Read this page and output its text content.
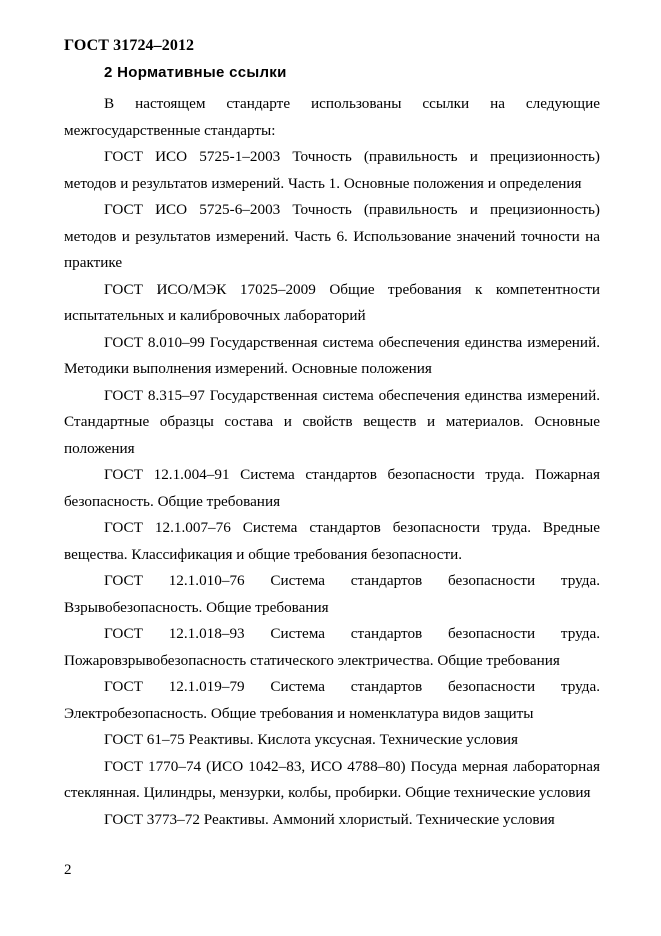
ГОСТ 31724–2012
2 Нормативные ссылки

В настоящем стандарте использованы ссылки на следующие межгосударственные стандарты:

ГОСТ ИСО 5725-1–2003 Точность (правильность и прецизионность) методов и результатов измерений. Часть 1. Основные положения и определения

ГОСТ ИСО 5725-6–2003 Точность (правильность и прецизионность) методов и результатов измерений. Часть 6. Использование значений точности на практике

ГОСТ ИСО/МЭК 17025–2009 Общие требования к компетентности испытательных и калибровочных лабораторий

ГОСТ 8.010–99 Государственная система обеспечения единства измерений. Методики выполнения измерений. Основные положения

ГОСТ 8.315–97 Государственная система обеспечения единства измерений. Стандартные образцы состава и свойств веществ и материалов. Основные положения

ГОСТ 12.1.004–91 Система стандартов безопасности труда. Пожарная безопасность. Общие требования

ГОСТ 12.1.007–76 Система стандартов безопасности труда. Вредные вещества. Классификация и общие требования безопасности.

ГОСТ 12.1.010–76 Система стандартов безопасности труда. Взрывобезопасность. Общие требования

ГОСТ 12.1.018–93 Система стандартов безопасности труда. Пожаровзрывобезопасность статического электричества. Общие требования

ГОСТ 12.1.019–79 Система стандартов безопасности труда. Электробезопасность. Общие требования и номенклатура видов защиты

ГОСТ 61–75 Реактивы. Кислота уксусная. Технические условия

ГОСТ 1770–74 (ИСО 1042–83, ИСО 4788–80) Посуда мерная лабораторная стеклянная. Цилиндры, мензурки, колбы, пробирки. Общие технические условия

ГОСТ 3773–72 Реактивы. Аммоний хлористый. Технические условия

2
